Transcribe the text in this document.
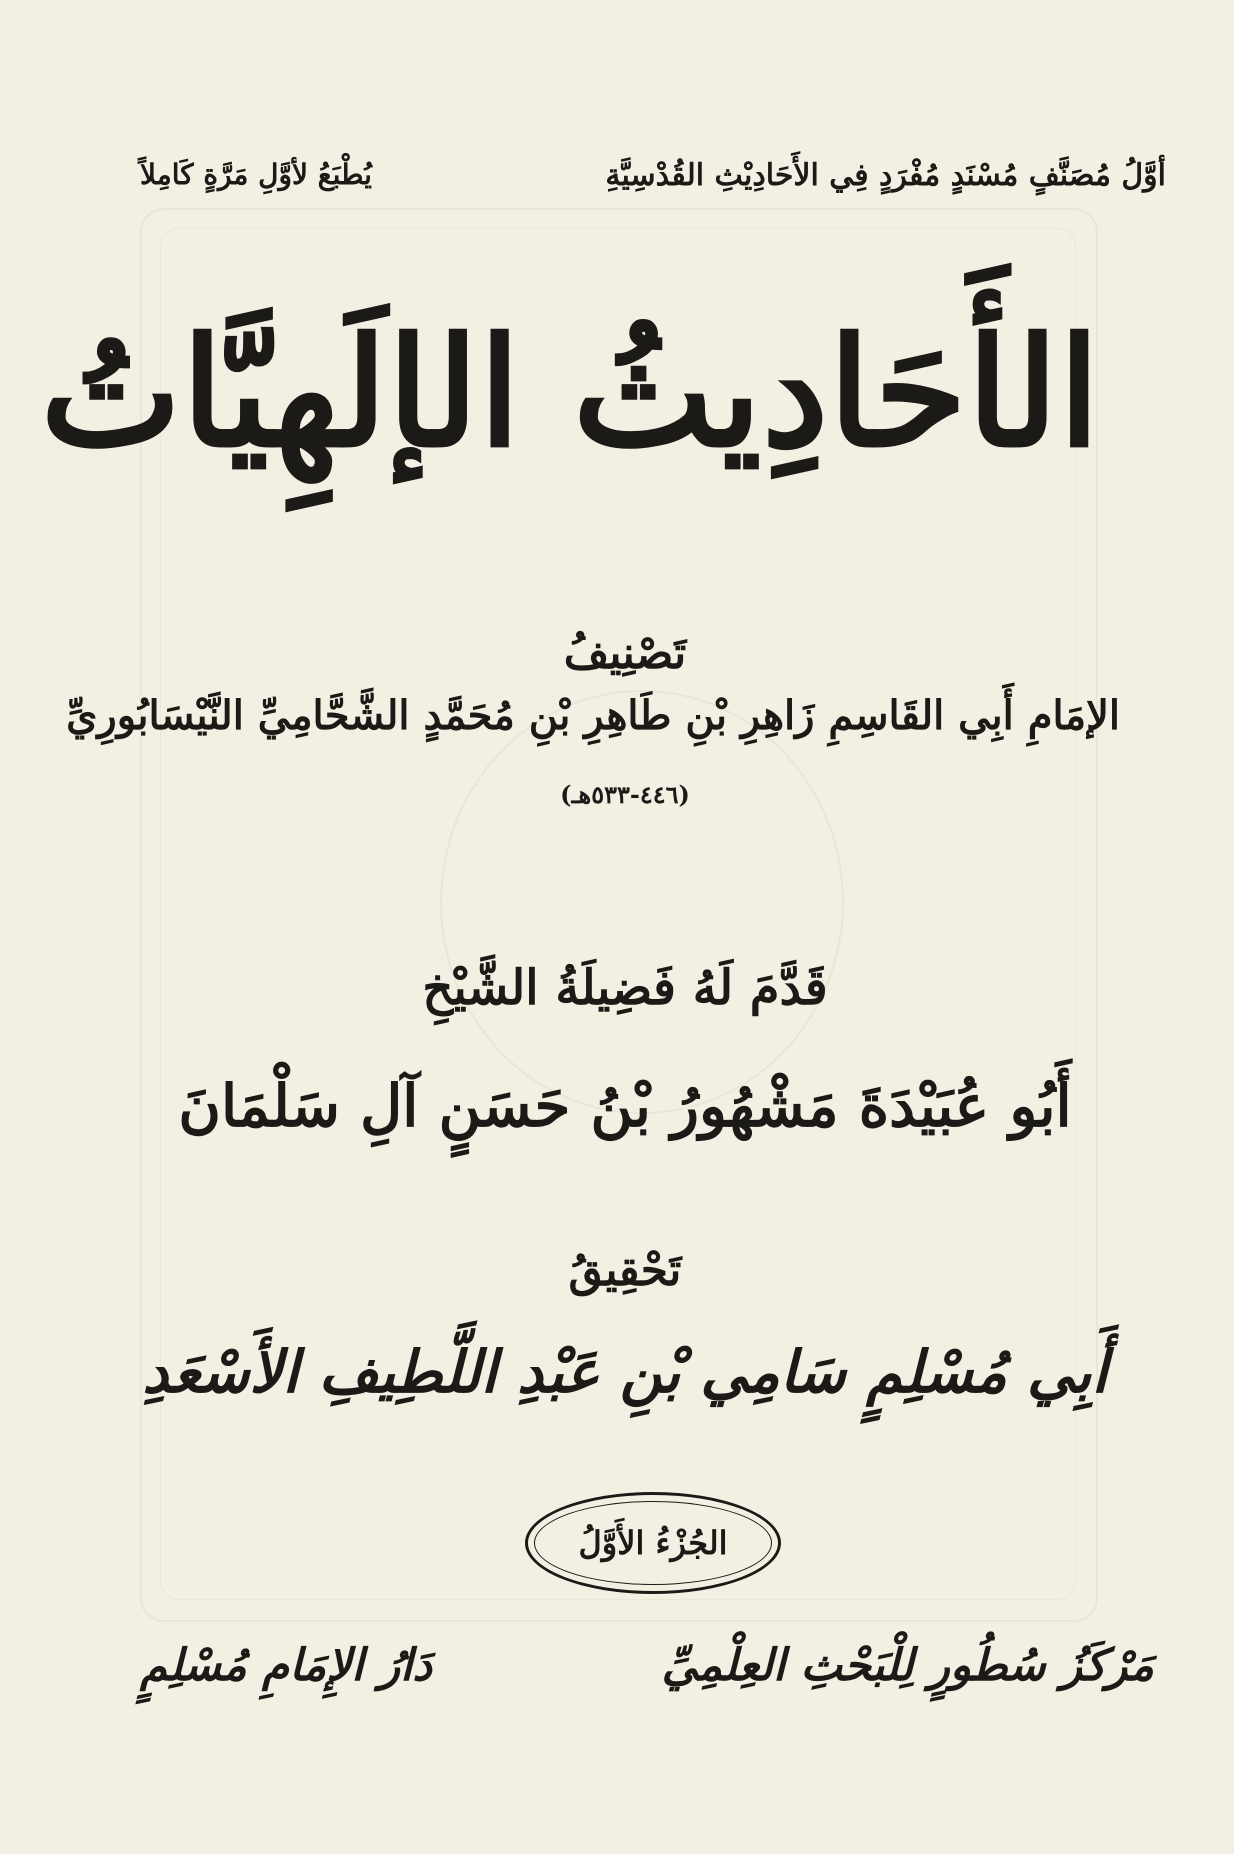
أوَّلُ مُصَنَّفٍ مُسْنَدٍ مُفْرَدٍ فِي الأَحَادِيْثِ القُدْسِيَّةِ
يُطْبَعُ لأوَّلِ مَرَّةٍ كَامِلاً
الأَحَادِيثُ الإلَهِيَّاتُ
تَصْنِيفُ
الإمَامِ أَبِي القَاسِمِ زَاهِرِ بْنِ طَاهِرِ بْنِ مُحَمَّدٍ الشَّحَّامِيِّ النَّيْسَابُورِيِّ
(٤٤٦-٥٣٣هـ)
قَدَّمَ لَهُ فَضِيلَةُ الشَّيْخِ
أَبُو عُبَيْدَةَ مَشْهُورُ بْنُ حَسَنٍ آلِ سَلْمَانَ
تَحْقِيقُ
أَبِي مُسْلِمٍ سَامِي بْنِ عَبْدِ اللَّطِيفِ الأَسْعَدِ
الجُزْءُ الأَوَّلُ
مَرْكَزُ سُطُورٍ لِلْبَحْثِ العِلْمِيِّ
دَارُ الإِمَامِ مُسْلِمٍ
